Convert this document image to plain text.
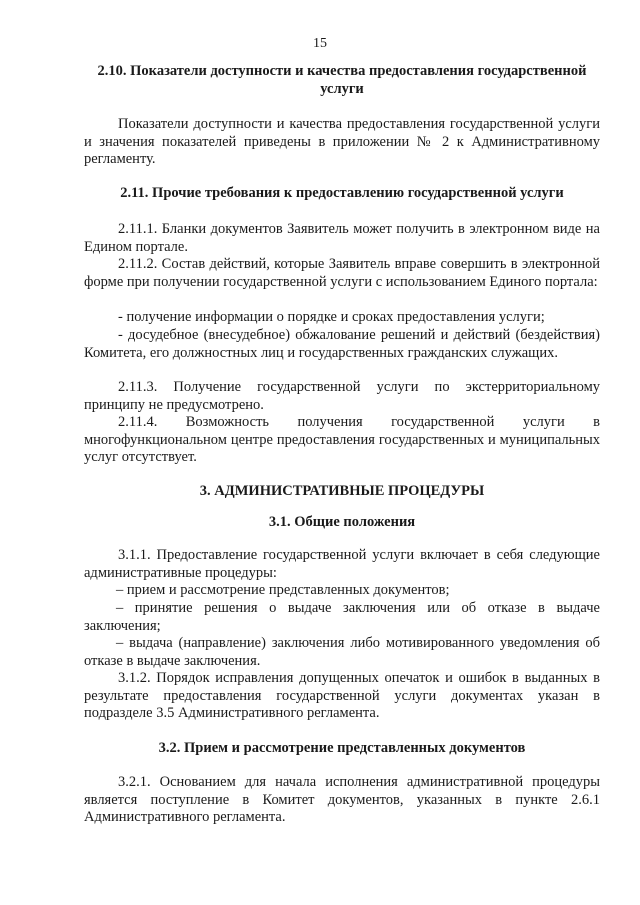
15
2.10. Показатели доступности и качества предоставления государственной услуги
Показатели доступности и качества предоставления государственной услуги и значения показателей приведены в приложении № 2 к Административному регламенту.
2.11. Прочие требования к предоставлению государственной услуги
2.11.1. Бланки документов Заявитель может получить в электронном виде на Едином портале.
2.11.2. Состав действий, которые Заявитель вправе совершить в электронной форме при получении государственной услуги с использованием Единого портала:
- получение информации о порядке и сроках предоставления услуги;
- досудебное (внесудебное) обжалование решений и действий (бездействия) Комитета, его должностных лиц и государственных гражданских служащих.
2.11.3. Получение государственной услуги по экстерриториальному принципу не предусмотрено.
2.11.4. Возможность получения государственной услуги в многофункциональном центре предоставления государственных и муниципальных услуг отсутствует.
3. АДМИНИСТРАТИВНЫЕ ПРОЦЕДУРЫ
3.1. Общие положения
3.1.1. Предоставление государственной услуги включает в себя следующие административные процедуры:
– прием и рассмотрение представленных документов;
– принятие решения о выдаче заключения или об отказе в выдаче заключения;
– выдача (направление) заключения либо мотивированного уведомления об отказе в выдаче заключения.
3.1.2. Порядок исправления допущенных опечаток и ошибок в выданных в результате предоставления государственной услуги документах указан в подразделе 3.5 Административного регламента.
3.2. Прием и рассмотрение представленных документов
3.2.1. Основанием для начала исполнения административной процедуры является поступление в Комитет документов, указанных в пункте 2.6.1 Административного регламента.
